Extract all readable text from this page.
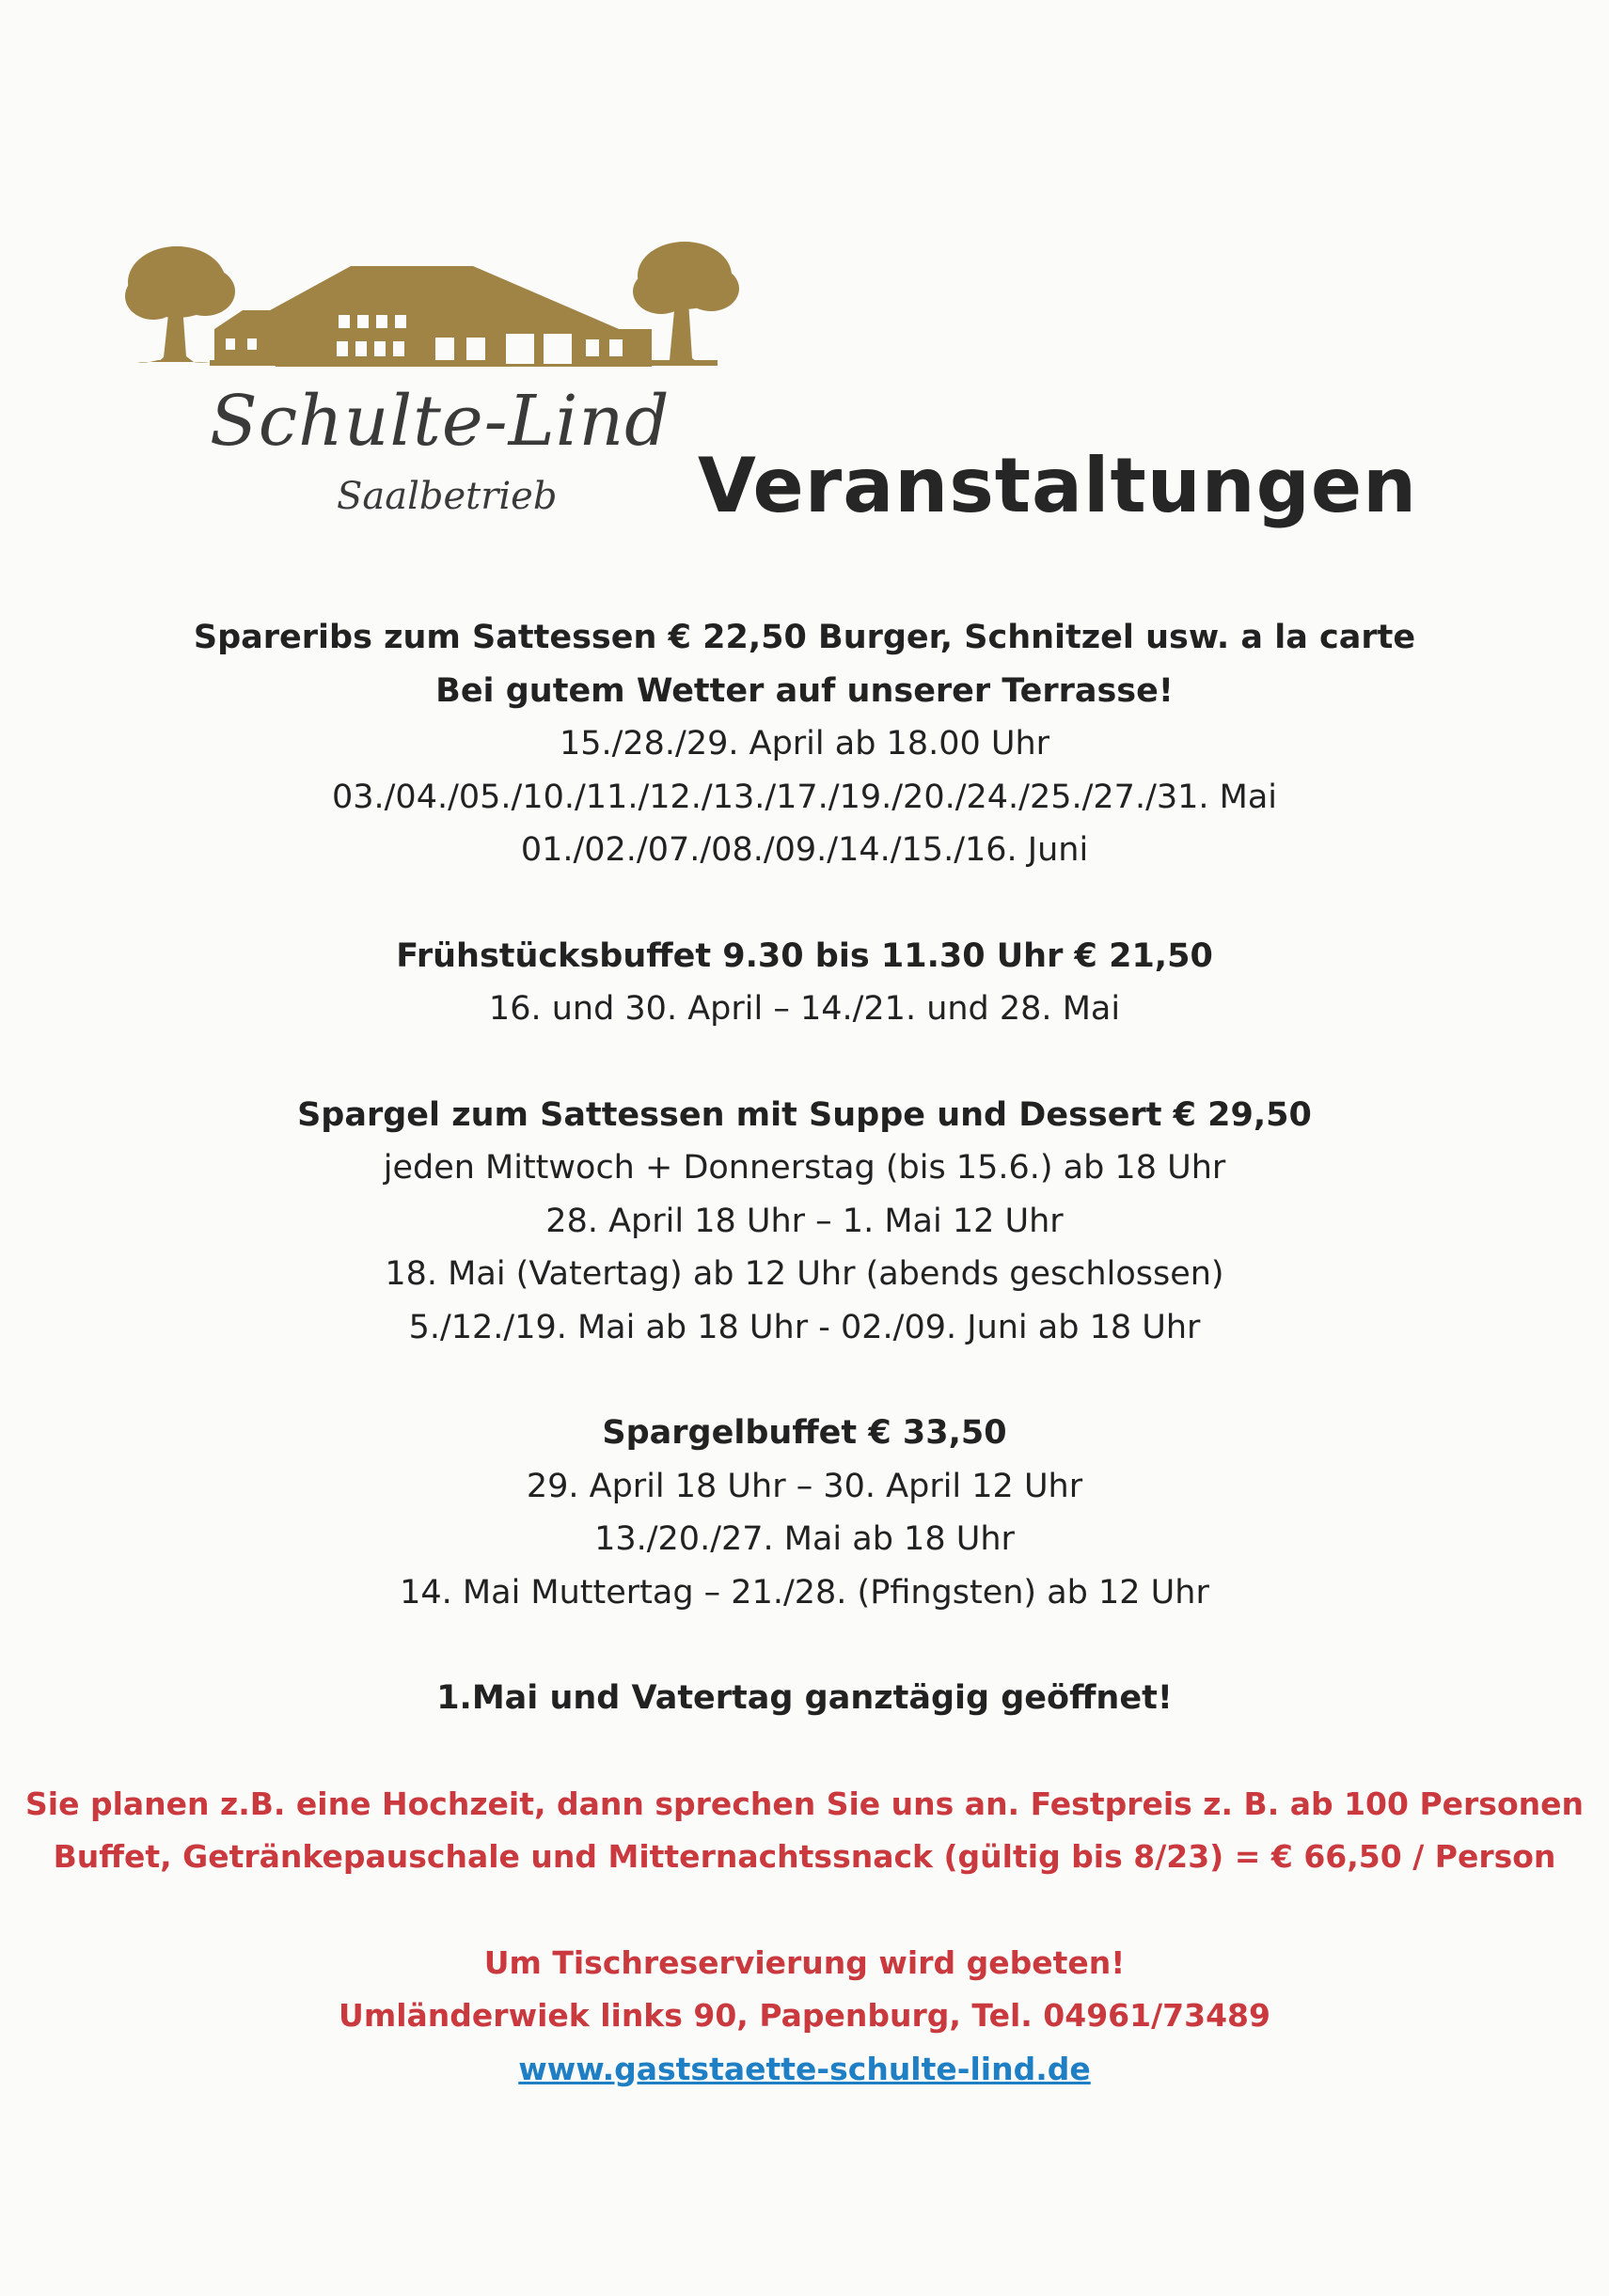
Schulte-Lind
Saalbetrieb Veranstaltungen
Spareribs zum Sattessen € 22,50 Burger, Schnitzel usw. a la carte
Bei gutem Wetter auf unserer Terrasse!
15./28./29. April ab 18.00 Uhr
03./04./05./10./11./12./13./17./19./20./24./25./27./31. Mai
01./02./07./08./09./14./15./16. Juni
Frühstücksbuffet 9.30 bis 11.30 Uhr € 21,50
16. und 30. April – 14./21. und 28. Mai
Spargel zum Sattessen mit Suppe und Dessert € 29,50
jeden Mittwoch + Donnerstag (bis 15.6.) ab 18 Uhr
28. April 18 Uhr – 1. Mai 12 Uhr
18. Mai (Vatertag) ab 12 Uhr (abends geschlossen)
5./12./19. Mai ab 18 Uhr - 02./09. Juni ab 18 Uhr
Spargelbuffet € 33,50
29. April 18 Uhr – 30. April 12 Uhr
13./20./27. Mai ab 18 Uhr
14. Mai Muttertag – 21./28. (Pfingsten) ab 12 Uhr
1.Mai und Vatertag ganztägig geöffnet!
Sie planen z.B. eine Hochzeit, dann sprechen Sie uns an. Festpreis z. B. ab 100 Personen
Buffet, Getränkepauschale und Mitternachtssnack (gültig bis 8/23) = € 66,50 / Person
Um Tischreservierung wird gebeten!
Umländerwiek links 90, Papenburg, Tel. 04961/73489
www.gaststaette-schulte-lind.de
